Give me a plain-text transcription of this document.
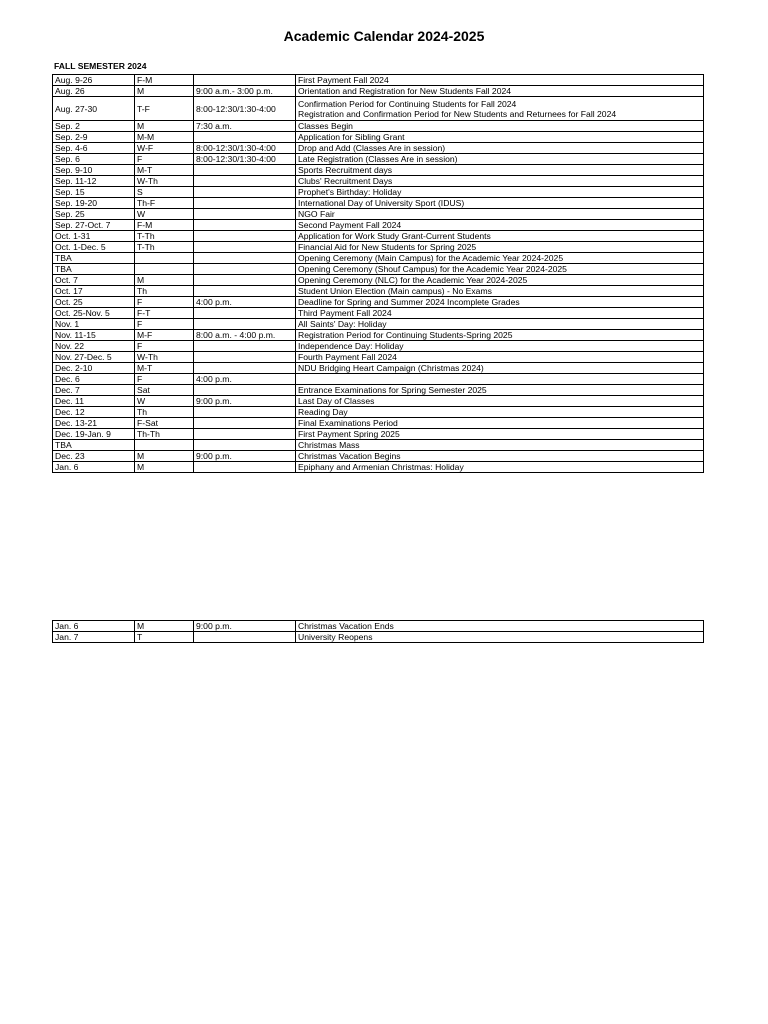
Academic Calendar 2024-2025
FALL SEMESTER 2024
Aug. 9-26	F-M		First Payment Fall 2024

Aug. 26	M	9:00 a.m.- 3:00 p.m.	Orientation and Registration for New Students Fall 2024

Aug. 27-30	T-F	8:00-12:30/1:30-4:00	Confirmation Period for Continuing Students for Fall 2024
Registration and Confirmation Period for New Students and Returnees for Fall 2024

Sep. 2	M	7:30 a.m.	Classes Begin

Sep. 2-9	M-M		Application for Sibling Grant

Sep. 4-6	W-F	8:00-12:30/1:30-4:00	Drop and Add (Classes Are in session)

Sep. 6	F	8:00-12:30/1:30-4:00	Late Registration (Classes Are in session)

Sep. 9-10	M-T		Sports Recruitment days

Sep. 11-12	W-Th		Clubs' Recruitment Days

Sep. 15	S		Prophet's Birthday: Holiday

Sep. 19-20	Th-F		International Day of University Sport (IDUS)

Sep. 25	W		NGO Fair

Sep. 27-Oct. 7	F-M		Second Payment Fall 2024

Oct. 1-31	T-Th		Application for Work Study Grant-Current Students

Oct. 1-Dec. 5	T-Th		Financial Aid for New Students for Spring 2025

TBA			Opening Ceremony (Main Campus) for the Academic Year 2024-2025

TBA			Opening Ceremony (Shouf Campus) for the Academic Year 2024-2025

Oct. 7	M		Opening Ceremony (NLC) for the Academic Year 2024-2025

Oct. 17	Th		Student Union Election (Main campus) - No Exams

Oct. 25	F	4:00 p.m.	Deadline for Spring and Summer 2024 Incomplete Grades

Oct. 25-Nov. 5	F-T		Third Payment Fall 2024

Nov. 1	F		All Saints' Day: Holiday

Nov. 11-15	M-F	8:00 a.m. - 4:00 p.m.	Registration Period for Continuing Students-Spring 2025

Nov. 22	F		Independence Day: Holiday

Nov. 27-Dec. 5	W-Th		Fourth Payment Fall 2024

Dec. 2-10	M-T		NDU Bridging Heart Campaign (Christmas 2024)

Dec. 6	F	4:00 p.m.	

Dec. 7	Sat		Entrance Examinations for Spring Semester 2025

Dec. 11	W	9:00 p.m.	Last Day of Classes

Dec. 12	Th		Reading Day

Dec. 13-21	F-Sat		Final Examinations Period

Dec. 19-Jan. 9	Th-Th		First Payment Spring 2025

TBA			Christmas Mass

Dec. 23	M	9:00 p.m.	Christmas Vacation Begins

Jan. 6	M		Epiphany and Armenian Christmas: Holiday
Jan. 6	M	9:00 p.m.	Christmas Vacation Ends

Jan. 7	T		University Reopens
